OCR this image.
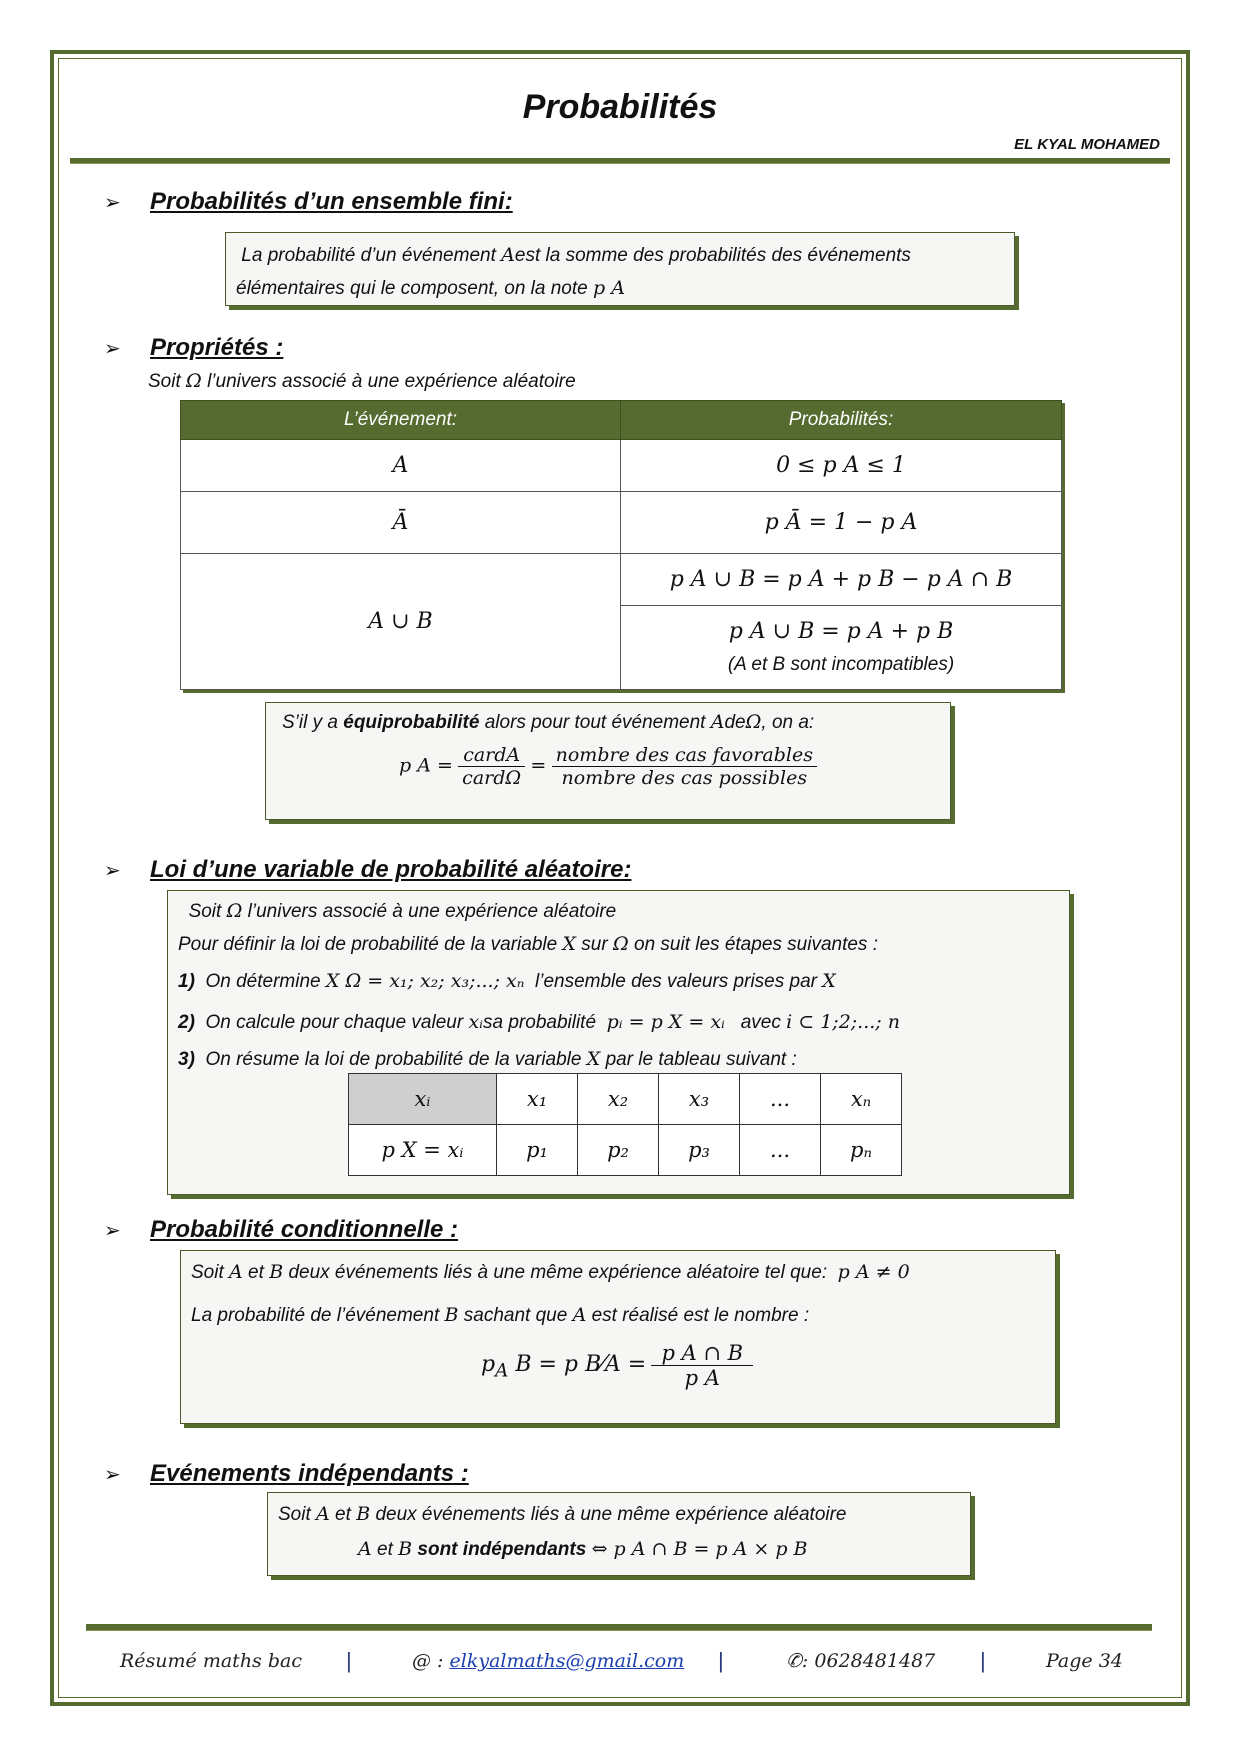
Probabilités
EL KYAL MOHAMED
➢ Probabilités d’un ensemble fini:
La probabilité d’un événement Aest la somme des probabilités des événements
élémentaires qui le composent, on la note p A
➢ Propriétés :
Soit Ω l’univers associé à une expérience aléatoire
L’événement:	Probabilités:
A	0 ≤ p A ≤ 1
Ā	p Ā = 1 − p A
A ∪ B	p A ∪ B = p A + p B − p A ∩ B

	p A ∪ B = p A + p B
(A et B sont incompatibles)
S’il y a équiprobabilité alors pour tout événement AdeΩ, on a:
p $A = \frac{\text{cardA}}{\text{cardΩ}} = \frac{\text{nombre des cas favorables}}{\text{nombre des cas possibles}}$
➢ Loi d’une variable de probabilité aléatoire:
Soit Ω l’univers associé à une expérience aléatoire
Pour définir la loi de probabilité de la variable X sur Ω on suit les étapes suivantes :
1) On détermine X Ω = x₁; x₂; x₃;...; xₙ l’ensemble des valeurs prises par X
2) On calcule pour chaque valeur xᵢsa probabilité pᵢ = p X = xᵢ avec i ⊂ 1;2;...; n
3) On résume la loi de probabilité de la variable X par le tableau suivant :
xᵢ	x₁	x₂	x₃	...	xₙ
p X = xᵢ	p₁	p₂	p₃	...	pₙ
➢ Probabilité conditionnelle :
Soit A et B deux événements liés à une même expérience aléatoire tel que: p A ≠ 0
La probabilité de l’événement B sachant que A est réalisé est le nombre :
$p_A$ B = p B⁄A = $\frac{\text{p A ∩ B}}{\text{p A}}$
➢ Evénements indépendants :
Soit A et B deux événements liés à une même expérience aléatoire
A et B sont indépendants ⇔ p A ∩ B = p A × p B
Résumé maths bac |	@ : elkyalmaths@gmail.com |	✆: 0628481487 |	Page 34
